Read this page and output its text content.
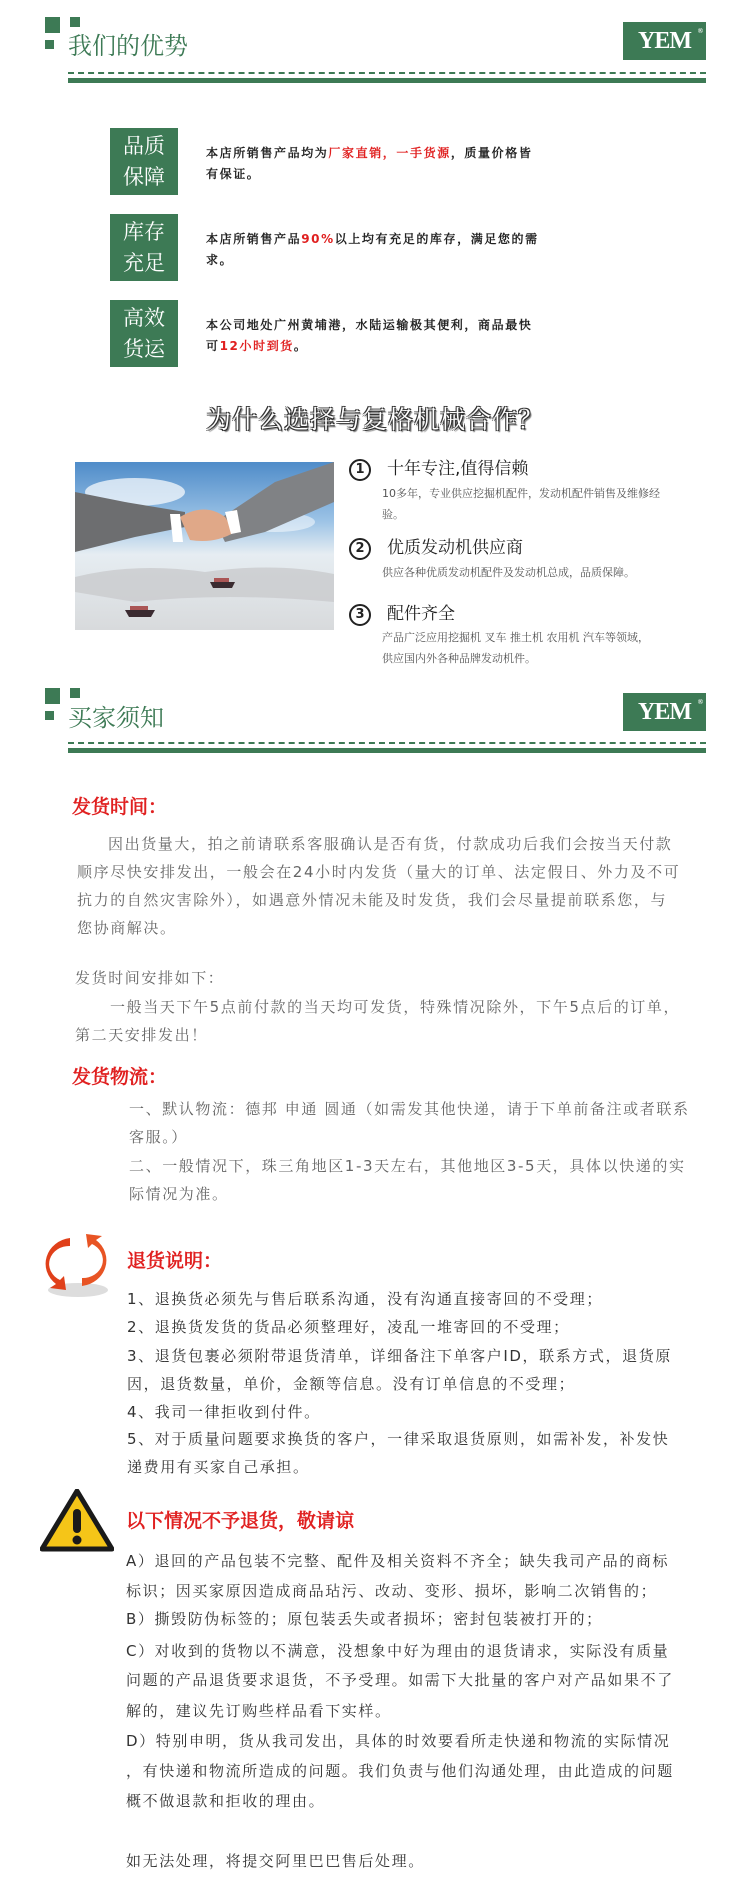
我们的优势	YEM ®
品质
保障
本店所销售产品均为厂家直销，一手货源，质量价格皆
有保证。
库存
充足
本店所销售产品90%以上均有充足的库存，满足您的需
求。
高效
货运
本公司地处广州黄埔港，水陆运输极其便利，商品最快
可12小时到货。
为什么选择与复格机械合作？
1	十年专注,值得信赖
10多年，专业供应挖掘机配件，发动机配件销售及维修经
验。
2	优质发动机供应商
供应各种优质发动机配件及发动机总成，品质保障。
3	配件齐全
产品广泛应用挖掘机 叉车 推土机 农用机 汽车等领域，
供应国内外各种品牌发动机件。
买家须知	YEM ®
发货时间：
因出货量大，拍之前请联系客服确认是否有货，付款成功后我们会按当天付款
顺序尽快安排发出，一般会在24小时内发货（量大的订单、法定假日、外力及不可
抗力的自然灾害除外），如遇意外情况未能及时发货，我们会尽量提前联系您，与
您协商解决。
发货时间安排如下：
一般当天下午5点前付款的当天均可发货，特殊情况除外，下午5点后的订单，
第二天安排发出！
发货物流：
一、默认物流：德邦 申通 圆通（如需发其他快递，请于下单前备注或者联系
客服。）
二、一般情况下，珠三角地区1-3天左右，其他地区3-5天，具体以快递的实
际情况为准。
退货说明：
1、退换货必须先与售后联系沟通，没有沟通直接寄回的不受理；
2、退换货发货的货品必须整理好，凌乱一堆寄回的不受理；
3、退货包裹必须附带退货清单，详细备注下单客户ID，联系方式，退货原
因，退货数量，单价，金额等信息。没有订单信息的不受理；
4、我司一律拒收到付件。
5、对于质量问题要求换货的客户，一律采取退货原则，如需补发，补发快
递费用有买家自己承担。
以下情况不予退货，敬请谅
A）退回的产品包装不完整、配件及相关资料不齐全；缺失我司产品的商标
标识；因买家原因造成商品玷污、改动、变形、损坏，影响二次销售的；
B）撕毁防伪标签的；原包装丢失或者损坏；密封包装被打开的；
C）对收到的货物以不满意，没想象中好为理由的退货请求，实际没有质量
问题的产品退货要求退货，不予受理。如需下大批量的客户对产品如果不了
解的，建议先订购些样品看下实样。
D）特别申明，货从我司发出，具体的时效要看所走快递和物流的实际情况
，有快递和物流所造成的问题。我们负责与他们沟通处理，由此造成的问题
概不做退款和拒收的理由。
如无法处理，将提交阿里巴巴售后处理。
